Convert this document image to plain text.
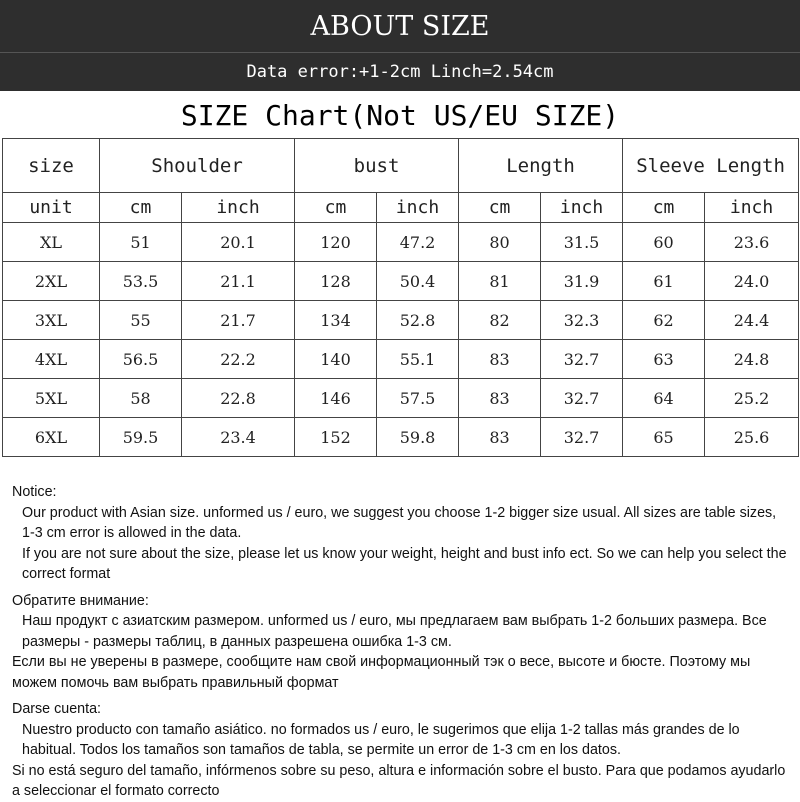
ABOUT SIZE
Data error:+1-2cm Linch=2.54cm
SIZE Chart(Not US/EU SIZE)
size	Shoulder		bust		Length		Sleeve Length	
unit	cm	inch	cm	inch	cm	inch	cm	inch
XL	51	20.1	120	47.2	80	31.5	60	23.6
2XL	53.5	21.1	128	50.4	81	31.9	61	24.0
3XL	55	21.7	134	52.8	82	32.3	62	24.4
4XL	56.5	22.2	140	55.1	83	32.7	63	24.8
5XL	58	22.8	146	57.5	83	32.7	64	25.2
6XL	59.5	23.4	152	59.8	83	32.7	65	25.6

Notice:

Our product with Asian size. unformed us / euro, we suggest you choose 1-2 bigger size usual. All sizes are table sizes, 1-3 cm error is allowed in the data.

If you are not sure about the size, please let us know your weight, height and bust info ect. So we can help you select the correct format

Обратите внимание:

Наш продукт с азиатским размером. unformed us / euro, мы предлагаем вам выбрать 1-2 больших размера. Все размеры - размеры таблиц, в данных разрешена ошибка 1-3 см.

Если вы не уверены в размере, сообщите нам свой информационный тэк о весе, высоте и бюсте. Поэтому мы можем помочь вам выбрать правильный формат

Darse cuenta:

Nuestro producto con tamaño asiático. no formados us / euro, le sugerimos que elija 1-2 tallas más grandes de lo habitual. Todos los tamaños son tamaños de tabla, se permite un error de 1-3 cm en los datos.

Si no está seguro del tamaño, infórmenos sobre su peso, altura e información sobre el busto. Para que podamos ayudarlo a seleccionar el formato correcto
